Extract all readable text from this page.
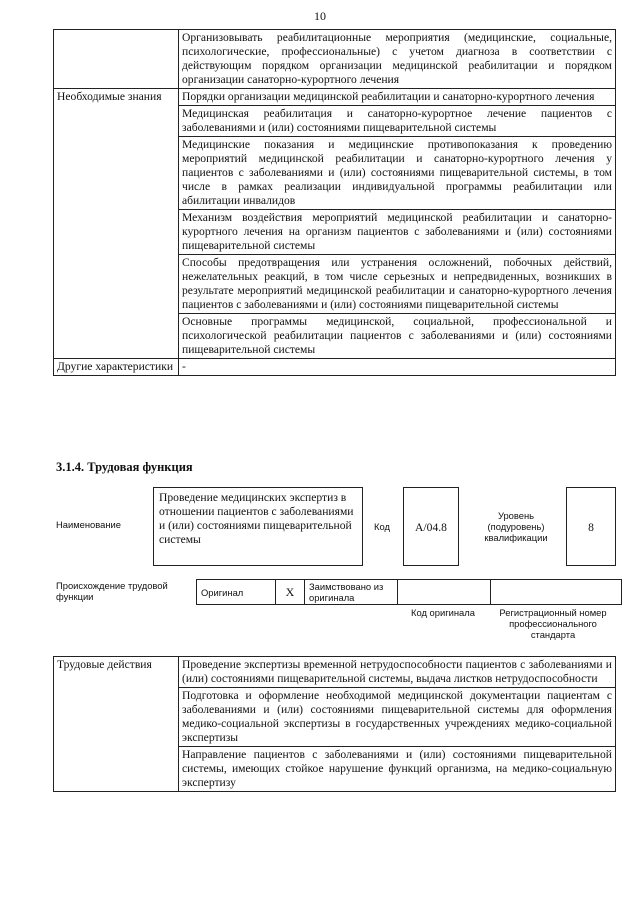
10
	Организовывать реабилитационные мероприятия (медицинские, социальные, психологические, профессиональные) с учетом диагноза в соответствии с действующим порядком организации медицинской реабилитации и порядком организации санаторно-курортного лечения
Необходимые знания	Порядки организации медицинской реабилитации и санаторно-курортного лечения
	Медицинская реабилитация и санаторно-курортное лечение пациентов с заболеваниями и (или) состояниями пищеварительной системы
	Медицинские показания и медицинские противопоказания к проведению мероприятий медицинской реабилитации и санаторно-курортного лечения у пациентов с заболеваниями и (или) состояниями пищеварительной системы, в том числе в рамках реализации индивидуальной программы реабилитации или абилитации инвалидов
	Механизм воздействия мероприятий медицинской реабилитации и санаторно-курортного лечения на организм пациентов с заболеваниями и (или) состояниями пищеварительной системы
	Способы предотвращения или устранения осложнений, побочных действий, нежелательных реакций, в том числе серьезных и непредвиденных, возникших в результате мероприятий медицинской реабилитации и санаторно-курортного лечения пациентов с заболеваниями и (или) состояниями пищеварительной системы
	Основные программы медицинской, социальной, профессиональной и психологической реабилитации пациентов с заболеваниями и (или) состояниями пищеварительной системы
Другие характеристики	-
3.1.4. Трудовая функция
Наименование
Проведение медицинских экспертиз в отношении пациентов с заболеваниями и (или) состояниями пищеварительной системы
Код	А/04.8
Уровень (подуровень) квалификации
8
Происхождение трудовой функции	Оригинал	X	Заимствовано из оригинала		
Код оригинала	Регистрационный номер профессионального стандарта
Трудовые действия	Проведение экспертизы временной нетрудоспособности пациентов с заболеваниями и (или) состояниями пищеварительной системы, выдача листков нетрудоспособности
Подготовка и оформление необходимой медицинской документации пациентам с заболеваниями и (или) состояниями пищеварительной системы для оформления медико-социальной экспертизы в государственных учреждениях медико-социальной экспертизы
Направление пациентов с заболеваниями и (или) состояниями пищеварительной системы, имеющих стойкое нарушение функций организма, на медико-социальную экспертизу
